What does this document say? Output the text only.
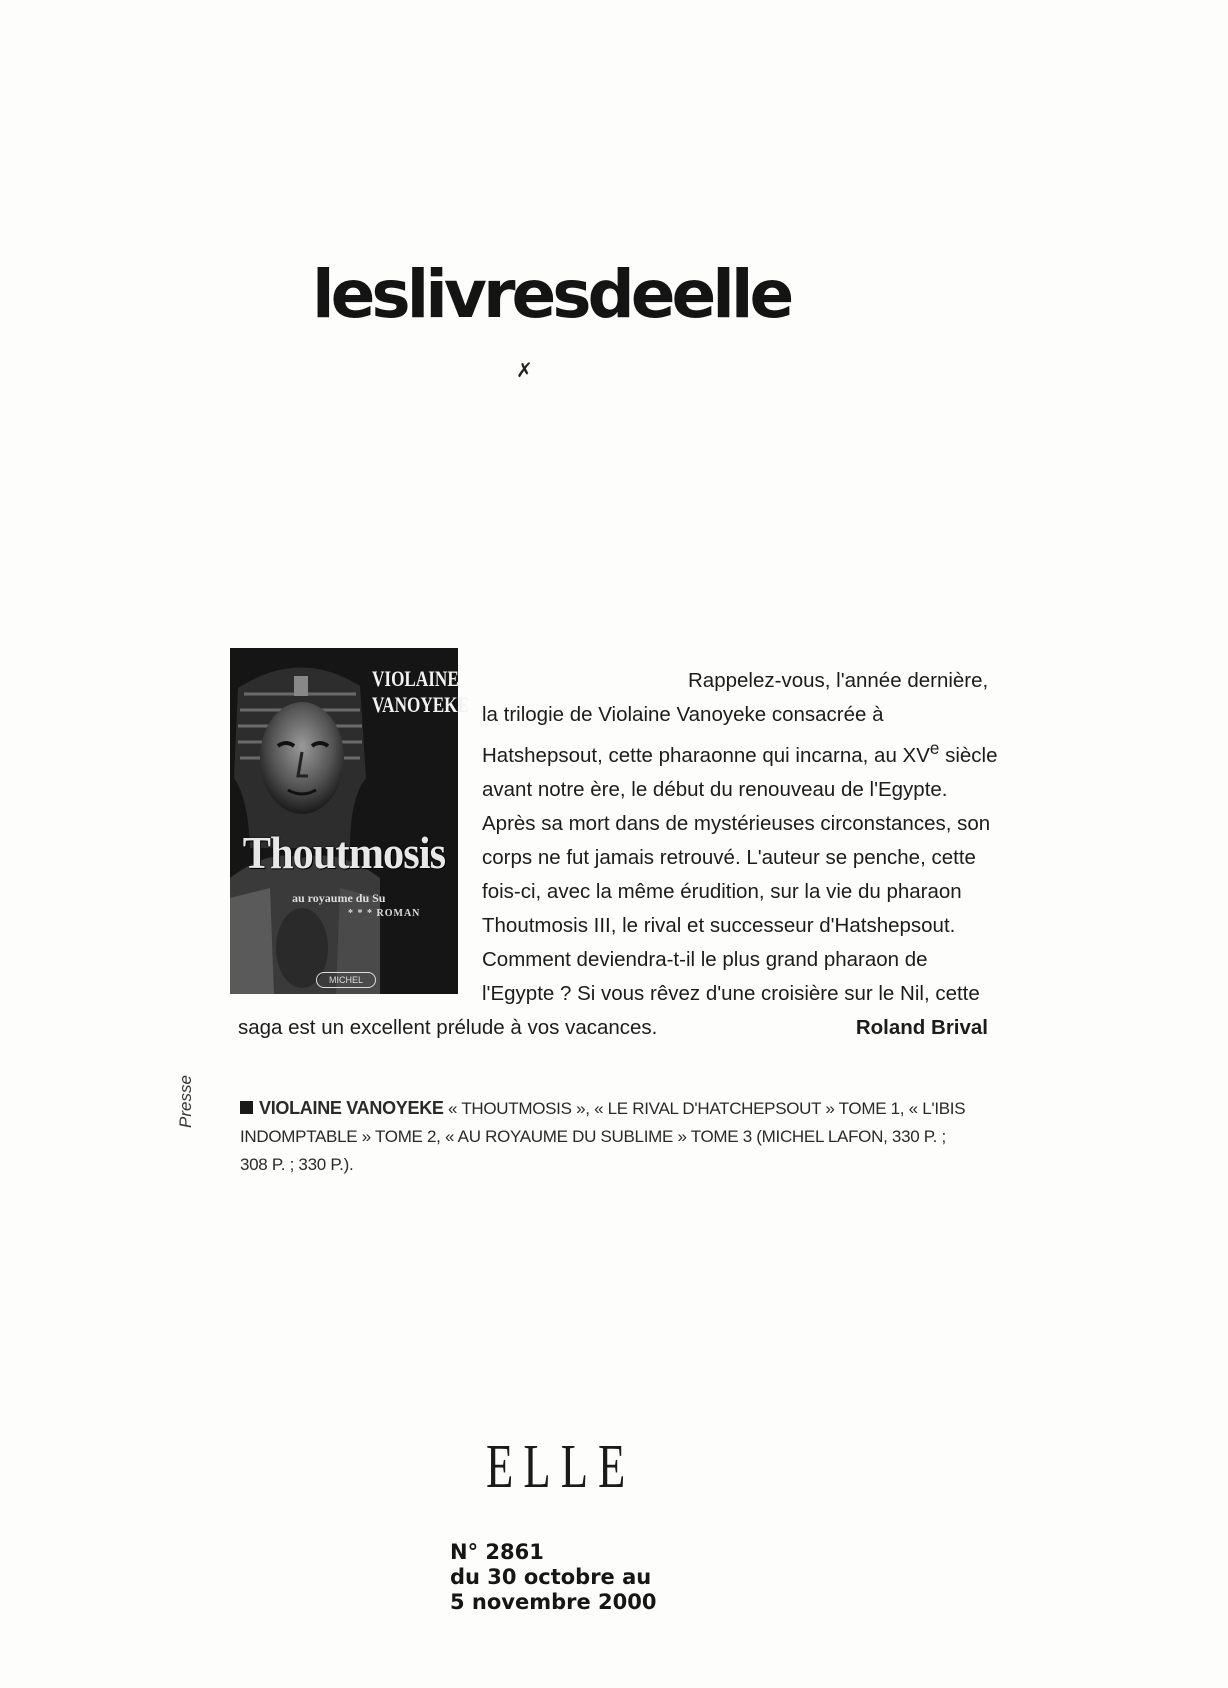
leslivresdeelle
✗
VIOLAINE
VANOYEKE
Thoutmosis
au royaume du Su
* * * ROMAN
MICHEL

Rappelez-vous, l'année dernière, la trilogie de Violaine Vanoyeke consacrée à Hatshepsout, cette pharaonne qui incarna, au XVe siècle avant notre ère, le début du renouveau de l'Egypte. Après sa mort dans de mystérieuses circonstances, son corps ne fut jamais retrouvé. L'auteur se penche, cette fois-ci, avec la même érudition, sur la vie du pharaon Thoutmosis III, le rival et successeur d'Hatshepsout. Comment deviendra-t-il le plus grand pharaon de l'Egypte ? Si vous rêvez d'une croisière sur le Nil, cette saga est un excellent prélude à vos vacances.	Roland Brival

VIOLAINE VANOYEKE « THOUTMOSIS », « LE RIVAL D'HATCHEPSOUT » TOME 1, « L'IBIS INDOMPTABLE » TOME 2, « AU ROYAUME DU SUBLIME » TOME 3 (MICHEL LAFON, 330 P. ; 308 P. ; 330 P.).

Presse

ELLE

N° 2861
du 30 octobre au
5 novembre 2000
